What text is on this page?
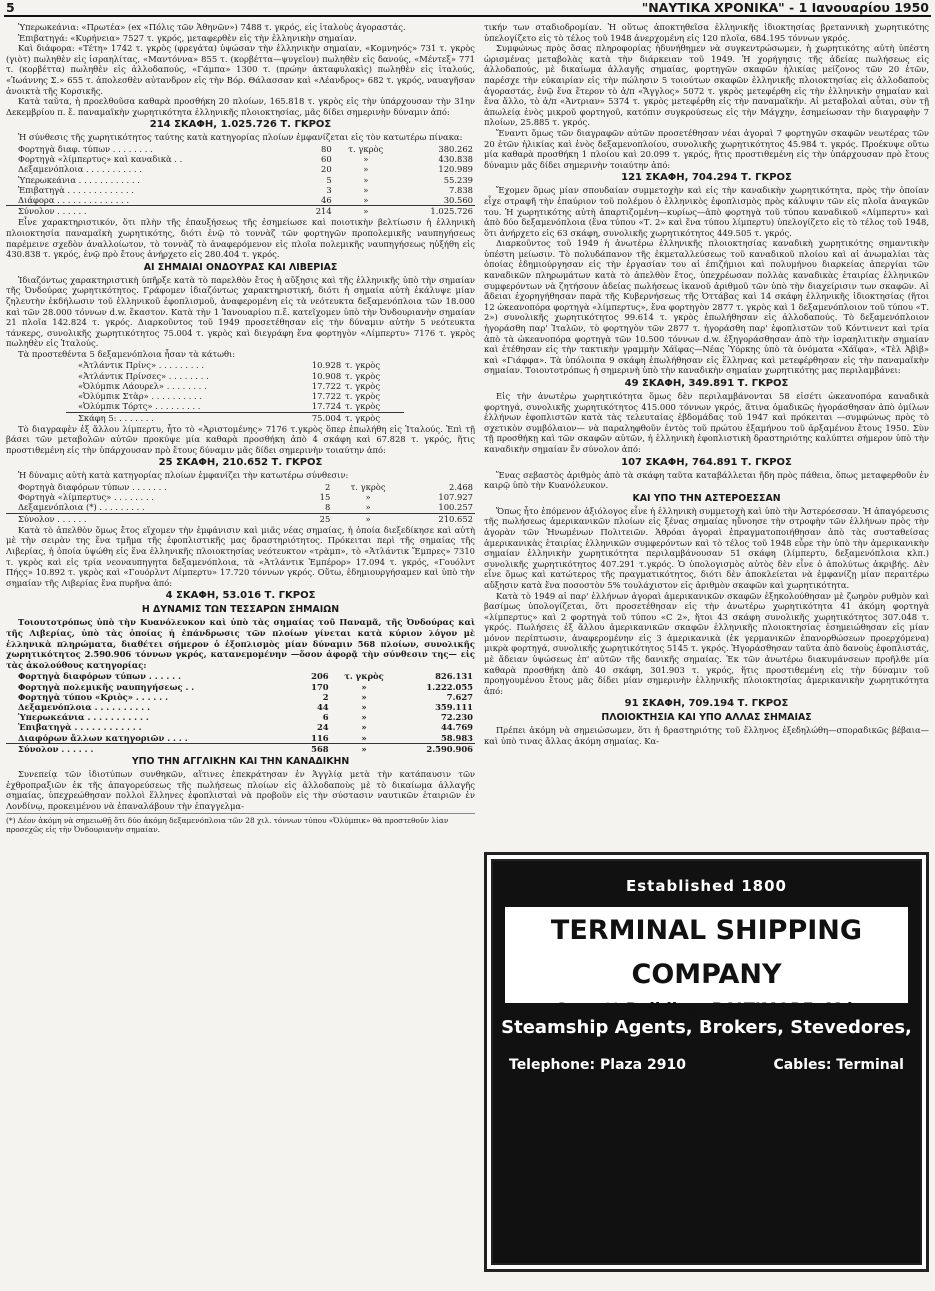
5	"ΝΑΥΤΙΚΑ ΧΡΟΝΙΚΑ" - 1 Ιανουαρίου 1950

Ὑπερωκεάνια: «Πρωτέα» (ex «Πόλις τῶν Ἀθηνῶν») 7488 τ. γκρός, εἰς ἰταλοὺς ἀγοραστάς.

Ἐπιβατηγά: «Κυρήνεια» 7527 τ. γκρός, μεταφερθὲν εἰς τὴν ἑλληνικὴν σημαίαν.

Καὶ διάφορα: «Τέτη» 1742 τ. γκρὸς (φρεγάτα) ὑψώσαν τὴν ἑλληνικὴν σημαίαν, «Κομνηνός» 731 τ. γκρὸς (γιὸτ) πωληθὲν εἰς ἰσραηλίτας, «Μαντόννα» 855 τ. (κορβέττα—ψυγεῖον) πωληθὲν εἰς δανούς, «Μέντεξ» 771 τ. (κορβέττα) πωληθὲν εἰς ἀλλοδαπούς, «Γάμπα» 1300 τ. (πρώην ἀκταφυλακὶς) πωληθὲν εἰς ἰταλούς, «Ἰωάννης Σ.» 655 τ. ἀπολεσθὲν αὐτανδρον εἰς τὴν Βόρ. Θάλασσαν καὶ «Λέανδρος» 682 τ. γκρός, ναυαγῆσαν ἀνοικτὰ τῆς Κορσικῆς.

Κατὰ ταῦτα, ἡ προελθοῦσα καθαρὰ προσθήκη 20 πλοίων, 165.818 τ. γκρὸς εἰς τὴν ὑπάρχουσαν τὴν 31ην Δεκεμβρίου π. ἔ. παναμαϊκὴν χωρητικότητα ἑλληνικῆς πλοιοκτησίας, μᾶς δίδει σημερινὴν δύναμιν ἀπό:

214 ΣΚΑΦΗ, 1.025.726 Τ. ΓΚΡΟΣ

Ἡ σύνθεσις τῆς χωρητικότητος ταύτης κατὰ κατηγορίας πλοίων ἐμφανίζεται εἰς τὸν κατωτέρω πίνακα:

Φορτηγὰ διαφ. τύπων . . . . . . . .	80	τ. γκρὸς	380.262
Φορτηγὰ «λίμπερτυς» καὶ καναδικὰ . .	60	»	430.838
Δεξαμενόπλοια . . . . . . . . . . .	20	»	120.989
Ὑπερωκεάνια . . . . . . . . . . . .	5	»	55.239
Ἐπιβατηγὰ . . . . . . . . . . . . .	3	»	7.838
Διάφορα . . . . . . . . . . . . . .	46	»	30.560
Σύνολον . . . . . .	214	»	1.025.726

Εἶνε χαρακτηριστικόν, ὅτι πλὴν τῆς ἐπαυξήσεως τῆς ἐσημείωσε καὶ ποιοτικὴν βελτίωσιν ἡ ἑλληνικὴ πλοιοκτησία παναμαϊκὴ χωρητικότης, διότι ἐνῷ τὸ τοννὰζ τῶν φορτηγῶν προπολεμικῆς ναυπηγήσεως παρέμεινε σχεδὸν ἀναλλοίωτον, τὸ τοννὰζ τὸ ἀναφερόμενον εἰς πλοῖα πολεμικῆς ναυπηγήσεως ηὐξήθη εἰς 430.838 τ. γκρός, ἐνῷ πρὸ ἔτους ἀνήρχετο εἰς 280.404 τ. γκρός.

ΑΙ ΣΗΜΑΙΑΙ ΟΝΔΟΥΡΑΣ ΚΑΙ ΛΙΒΕΡΙΑΣ

Ἰδιαζόντως χαρακτηριστικὴ ὑπῆρξε κατὰ τὸ παρελθὸν ἔτος ἡ αὔξησις καὶ τῆς ἑλληνικῆς ὑπὸ τὴν σημαίαν τῆς Ὀνδούρας χωρητικότητος. Γράφομεν ἰδιαζόντως χαρακτηριστική, διότι ἡ σημαία αὐτὴ ἐκάλυψε μίαν ζηλευτὴν ἐκδήλωσιν τοῦ ἑλληνικοῦ ἐφοπλισμοῦ, ἀναφερομένη εἰς τὰ νεότευκτα δεξαμενόπλοια τῶν 18.000 καὶ τῶν 28.000 τόννων d.w. ἕκαστον. Κατὰ τὴν 1 Ἰανουαρίου π.ἔ. κατεῖχομεν ὑπὸ τὴν Ὀνδουριανὴν σημαίαν 21 πλοῖα 142.824 τ. γκρός. Διαρκοῦντος τοῦ 1949 προσετέθησαν εἰς τὴν δύναμιν αὐτὴν 5 νεότευκτα τάνκερς, συνολικῆς χωρητικότητος 75.004 τ. γκρὸς καὶ διεγράφη ἕνα φορτηγὸν «Λίμπερτυ» 7176 τ. γκρὸς πωληθὲν εἰς Ἰταλούς.

Τὰ προστεθέντα 5 δεξαμενόπλοια ἦσαν τὰ κάτωθι:

«Ἀτλάντικ Πρίνς» . . . . . . . . .	10.928	τ. γκρὸς
«Ἀτλάντικ Πρίνσες» . . . . . . . .	10.908	τ. γκρὸς
«Ὀλύμπικ Λάουρελ» . . . . . . . .	17.722	τ. γκρὸς
«Ὀλύμπικ Στὰρ» . . . . . . . . . .	17.722	τ. γκρὸς
«Ὀλύμπικ Τόρτς» . . . . . . . . .	17.724	τ. γκρὸς
Σκάφη 5: . . . . . . .	75.004	τ. γκρὸς

Τὸ διαγραφὲν ἐξ ἄλλου λίμπερτυ, ἦτο τὸ «Ἀριστομένης» 7176 τ.γκρὸς ὅπερ ἐπωλήθη εἰς Ἰταλούς. Ἐπὶ τῇ βάσει τῶν μεταβολῶν αὐτῶν προκύψε μία καθαρὰ προσθήκη ἀπὸ 4 σκάφη καὶ 67.828 τ. γκρός, ἥτις προστιθεμένη εἰς τὴν ὑπάρχουσαν πρὸ ἔτους δύναμιν μᾶς δίδει σημερινὴν τοιαύτην ἀπό:

25 ΣΚΑΦΗ, 210.652 Τ. ΓΚΡΟΣ

Ἡ δύναμις αὐτὴ κατὰ κατηγορίας πλοίων ἐμφανίζει τὴν κατωτέρω σύνθεσιν:

Φορτηγὰ διαφόρων τύπων . . . . . . .	2	τ. γκρὸς	2.468
Φορτηγὰ «λίμπερτυς» . . . . . . . .	15	»	107.927
Δεξαμενόπλοια (*) . . . . . . . . .	8	»	100.257
Σύνολον . . . . . .	25	»	210.652

Κατὰ τὸ ἀπελθὸν ὅμως ἔτος εἴχομεν τὴν ἐμφάνισιν καὶ μιᾶς νέας σημαίας, ἡ ὁποία διεξεδίκησε καὶ αὐτὴ μὲ τὴν σειρὰν της ἕνα τμῆμα τῆς ἐφοπλιστικῆς μας δραστηριότητος. Πρόκειται περὶ τῆς σημαίας τῆς Λιβερίας, ἡ ὁποία ὑψώθη εἰς ἕνα ἑλληνικῆς πλοιοκτησίας νεότευκτον «τρὰμπ», τὸ «Ἀτλάντικ Ἔμπρες» 7310 τ. γκρὸς καὶ εἰς τρία νεοναυπηγητα δεξαμενόπλοια, τὰ «Ἀτλάντικ Ἐμπέρορ» 17.094 τ. γκρός, «Γουόλντ Πήςς» 10.892 τ. γκρὸς καὶ «Γουόρλντ Λίμπερτυ» 17.720 τόννων γκρός. Οὕτω, ἐδημιουργήσαμεν καὶ ὑπὸ τὴν σημαίαν τῆς Λιβερίας ἕνα πυρῆνα ἀπό:

4 ΣΚΑΦΗ, 53.016 Τ. ΓΚΡΟΣ
Η ΔΥΝΑΜΙΣ ΤΩΝ ΤΕΣΣΑΡΩΝ ΣΗΜΑΙΩΝ

Τοιουτοτρόπως ὑπὸ τὴν Κυανόλευκον καὶ ὑπὸ τὰς σημαίας τοῦ Παναμᾶ, τῆς Ὀνδούρας καὶ τῆς Λιβερίας, ὑπὸ τὰς ὁποίας ἡ ἐπάνδρωσις τῶν πλοίων γίνεται κατὰ κύριον λόγον μὲ ἑλληνικὰ πληρώματα, διαθέτει σήμερον ὁ ἐξοπλισμὸς μίαν δύναμιν 568 πλοίων, συνολικῆς χωρητικότητος 2.590.906 τόννων γκρός, κατανεμομένην —ὅσον ἀφορᾷ τὴν σύνθεσιν της— εἰς τὰς ἀκολούθους κατηγορίας:

Φορτηγὰ διαφόρων τύπων . . . . . .	206	τ. γκρὸς	826.131
Φορτηγὰ πολεμικῆς ναυπηγήσεως . .	170	»	1.222.055
Φορτηγὰ τύπου «Κριὸς» . . . . . .	2	»	7.627
Δεξαμενόπλοια . . . . . . . . . .	44	»	359.111
Ὑπερωκεάνια . . . . . . . . . . .	6	»	72.230
Ἐπιβατηγὰ . . . . . . . . . . . .	24	»	44.769
Διαφόρων ἄλλων κατηγοριῶν . . . .	116	»	58.983
Σύνολον . . . . . .	568	»	2.590.906
ΥΠΟ ΤΗΝ ΑΓΓΛΙΚΗΝ ΚΑΙ ΤΗΝ ΚΑΝΑΔΙΚΗΝ

Συνεπείᾳ τῶν ἰδιοτύπων συνθηκῶν, αἵτινες ἐπεκράτησαν ἐν Ἀγγλίᾳ μετὰ τὴν κατάπαυσιν τῶν ἐχθροπραξιῶν ἐκ τῆς ἀπαγορεύσεως τῆς πωλήσεως πλοίων εἰς ἀλλοδαποὺς μὲ τὸ δικαίωμα ἀλλαγῆς σημαίας, ὑπεχρεώθησαν πολλοὶ ἕλληνες ἐφοπλισταὶ νὰ προβοῦν εἰς τὴν σύστασιν ναυτικῶν ἑταιριῶν ἐν Λονδίνῳ, προκειμένου νὰ ἐπαναλάβουν τὴν ἐπαγγελμα-

(*) Δέον ἀκόμη νὰ σημειωθῇ ὅτι δύο ἀκόμη δεξαμενόπλοια τῶν 28 χιλ. τόννων τύπου «Ὀλύμπικ» θὰ προστεθοῦν λίαν προσεχῶς εἰς τὴν Ὀνδουριανὴν σημαίαν.

τικήν των σταδιοδρομίαν. Ἡ οὕτως ἀποκτηθεῖσα ἑλληνικῆς ἰδιοκτησίας βρεταννικὴ χωρητικότης ὑπελογίζετο εἰς τὸ τέλος τοῦ 1948 ἀνερχομένη εἰς 120 πλοῖα, 684.195 τόννων γκρός.

Συμφώνως πρὸς ὅσας πληροφορίας ἠδυνήθημεν νὰ συγκεντρώσωμεν, ἡ χωρητικότης αὐτὴ ὑπέστη ὡρισμένας μεταβολὰς κατὰ τὴν διάρκειαν τοῦ 1949. Ἡ χορήγησις τῆς ἀδείας πωλήσεως εἰς ἀλλοδαπούς, μὲ δικαίωμα ἀλλαγῆς σημαίας, φορτηγῶν σκαφῶν ἡλικίας μείζονος τῶν 20 ἐτῶν, παρέσχε τὴν εὐκαιρίαν εἰς τὴν πώλησιν 5 τοιούτων σκαφῶν ἑλληνικῆς πλοιοκτησίας εἰς ἀλλοδαποὺς ἀγοραστάς, ἐνῷ ἕνα ἕτερον τὸ ἀ/π «Ἄγγλος» 5072 τ. γκρὸς μετεφέρθη εἰς τὴν ἑλληνικὴν σημαίαν καὶ ἕνα ἄλλο, τὸ ἀ/π «Ἀντριαν» 5374 τ. γκρὸς μετεφέρθη εἰς τὴν παναμαϊκήν. Αἱ μεταβολαὶ αὗται, σὺν τῇ ἀπωλείᾳ ἑνὸς μικροῦ φορτηγοῦ, κατόπιν συγκρούσεως εἰς τὴν Μάγχην, ἐσημείωσαν τὴν διαγραφὴν 7 πλοίων, 25.885 τ. γκρός.

Ἔναντι ὅμως τῶν διαγραφῶν αὐτῶν προσετέθησαν νέαι ἀγοραὶ 7 φορτηγῶν σκαφῶν νεωτέρας τῶν 20 ἐτῶν ἡλικίας καὶ ἑνὸς δεξαμενοπλοίου, συνολικῆς χωρητικότητος 45.984 τ. γκρός. Προέκυψε οὕτω μία καθαρὰ προσθήκη 1 πλοίου καὶ 20.099 τ. γκρός, ἥτις προστιθεμένη εἰς τὴν ὑπάρχουσαν πρὸ ἔτους δύναμιν μᾶς δίδει σημερινὴν τοιαύτην ἀπό:

121 ΣΚΑΦΗ, 704.294 Τ. ΓΚΡΟΣ

Ἔχομεν ὅμως μίαν σπουδαίαν συμμετοχὴν καὶ εἰς τὴν καναδικὴν χωρητικότητα, πρὸς τὴν ὁποίαν εἶχε στραφῆ τὴν ἐπαύριον τοῦ πολέμου ὁ ἑλληνικὸς ἐφοπλισμὸς πρὸς κάλυψιν τῶν εἰς πλοῖα ἀναγκῶν του. Ἡ χωρητικότης αὐτὴ ἀπαρτιζομένη—κυρίως—ἀπὸ φορτηγὰ τοῦ τύπου καναδικοῦ «Λίμπερτυ» καὶ ἀπὸ δύο δεξαμενόπλοια (ἕνα τύπου «Τ. 2» καὶ ἕνα τύπου λίμπερτυ) ὑπελογίζετο εἰς τὸ τέλος τοῦ 1948, ὅτι ἀνήρχετο εἰς 63 σκάφη, συνολικῆς χωρητικότητος 449.505 τ. γκρός.

Διαρκοῦντος τοῦ 1949 ἡ ἀνωτέρω ἑλληνικῆς πλοιοκτησίας καναδικὴ χωρητικότης σημαντικὴν ὑπέστη μείωσιν. Τὸ πολυδάπανον τῆς ἐκμεταλλεύσεως τοῦ καναδικοῦ πλοίου καὶ αἱ ἀνωμαλίαι τὰς ὁποίας ἐδημιούργησαν εἰς τὴν ἐργασίαν του αἱ ἐπιζήμιοι καὶ πολυμήνου διαρκείας ἀπεργίαι τῶν καναδικῶν πληρωμάτων κατὰ τὸ ἀπελθὸν ἔτος, ὑπεχρέωσαν πολλὰς καναδικὰς ἑταιρίας ἑλληνικῶν συμφερόντων νὰ ζητήσουν ἀδείας πωλήσεως ἱκανοῦ ἀριθμοῦ τῶν ὑπὸ τὴν διαχείρισιν των σκαφῶν. Αἱ ἄδειαι ἐχορηγήθησαν παρὰ τῆς Κυβερνήσεως τῆς Ὀττάβας καὶ 14 σκάφη ἑλληνικῆς ἰδιοκτησίας (ἤτοι 12 ὠκεανοπόρα φορτηγὰ «λίμπερτυς», ἕνα φορτηγὸν 2877 τ. γκρὸς καὶ 1 δεξαμενόπλοιον τοῦ τύπου «Τ. 2») συνολικῆς χωρητικότητος 99.614 τ. γκρὸς ἐπωλήθησαν εἰς ἀλλοδαπούς. Τὸ δεξαμενόπλοιον ἠγοράσθη παρ' Ἰταλῶν, τὸ φορτηγὸν τῶν 2877 τ. ἠγοράσθη παρ' ἐφοπλιστῶν τοῦ Κόντινεντ καὶ τρία ἀπὸ τὰ ὠκεανοπόρα φορτηγὰ τῶν 10.500 τόννων d.w. ἐξηγοράσθησαν ἀπὸ τὴν ἰσραηλιτικὴν σημαίαν καὶ ἐτέθησαν εἰς τὴν τακτικὴν γραμμὴν Χάϊφας—Νέας Ὑόρκης ὑπὸ τὰ ὀνόματα «Χάϊφα», «Τὲλ Ἀβὶβ» καὶ «Γιάφφα». Τὰ ὑπόλοιπα 9 σκάφη ἐπωλήθησαν εἰς ἕλληνας καὶ μετεφέρθησαν εἰς τὴν παναμαϊκὴν σημαίαν. Τοιουτοτρόπως ἡ σημερινὴ ὑπὸ τὴν καναδικὴν σημαίαν χωρητικότης μας περιλαμβάνει:

49 ΣΚΑΦΗ, 349.891 Τ. ΓΚΡΟΣ

Εἰς τὴν ἀνωτέρω χωρητικότητα ὅμως δὲν περιλαμβάνονται 58 εἰσέτι ὠκεανοπόρα καναδικὰ φορτηγά, συνολικῆς χωρητικότητος 415.000 τόννων γκρός, ἅτινα ὁμαδικῶς ἠγοράσθησαν ἀπὸ ὁμίλων ἑλλήνων ἐφοπλιστῶν κατὰ τὰς τελευταίας ἑβδομάδας τοῦ 1947 καὶ πρόκειται —συμφώνως πρὸς τὸ σχετικὸν συμβόλαιον— νὰ παραληφθοῦν ἐντὸς τοῦ πρώτου ἑξαμήνου τοῦ ἀρξαμένου ἔτους 1950. Σὺν τῇ προσθήκῃ καὶ τῶν σκαφῶν αὐτῶν, ἡ ἑλληνικὴ ἐφοπλιστικὴ δραστηριότης καλύπτει σήμερον ὑπὸ τὴν καναδικὴν σημαίαν ἕν σύνολον ἀπό:

107 ΣΚΑΦΗ, 764.891 Τ. ΓΚΡΟΣ

Ἕνας σεβαστὸς ἀριθμὸς ἀπὸ τὰ σκάφη ταῦτα καταβάλλεται ἤδη πρὸς πάθεια, ὅπως μεταφερθοῦν ἐν καιρῷ ὑπὸ τὴν Κυανόλευκον.

ΚΑΙ ΥΠΟ ΤΗΝ ΑΣΤΕΡΟΕΣΣΑΝ

Ὅπως ἦτο ἑπόμενον ἀξιόλογος εἶνε ἡ ἑλληνικὴ συμμετοχὴ καὶ ὑπὸ τὴν Ἀστερόεσσαν. Ἡ ἀπαγόρευσις τῆς πωλήσεως ἀμερικανικῶν πλοίων εἰς ξένας σημαίας ηὔνοησε τὴν στροφὴν τῶν ἑλλήνων πρὸς τὴν ἀγορὰν τῶν Ἡνωμένων Πολιτειῶν. Ἁθρόαι ἀγοραὶ ἐπραγματοποιήθησαν ἀπὸ τὰς συσταθείσας ἀμερικανικὰς ἑταιρίας ἑλληνικῶν συμφερόντων καὶ τὸ τέλος τοῦ 1948 εὗρε τὴν ὑπὸ τὴν ἀμερικανικὴν σημαίαν ἑλληνικὴν χωρητικότητα περιλαμβάνουσαν 51 σκάφη (λίμπερτυ, δεξαμενόπλοια κλπ.) συνολικῆς χωρητικότητος 407.291 τ.γκρός. Ὁ ὑπολογισμὸς αὐτὸς δὲν εἶνε ὁ ἀπολύτως ἀκριβής. Δὲν εἶνε ὅμως καὶ κατώτερος τῆς πραγματικότητος, διότι δὲν ἀποκλείεται νὰ ἐμφανίζῃ μίαν περαιτέρω αὔξησιν κατὰ ἕνα ποσοστὸν 5% τουλάχιστον εἰς ἀριθμὸν σκαφῶν καὶ χωρητικότητα.

Κατὰ τὸ 1949 αἱ παρ' ἑλλήνων ἀγοραὶ ἀμερικανικῶν σκαφῶν ἐξηκολούθησαν μὲ ζωηρὸν ρυθμὸν καὶ βασίμως ὑπολογίζεται, ὅτι προσετέθησαν εἰς τὴν ἀνωτέρω χωρητικότητα 41 ἀκόμη φορτηγὰ «λίμπερτυς» καὶ 2 φορτηγὰ τοῦ τύπου «C 2», ἤτοι 43 σκάφη συνολικῆς χωρητικότητος 307.048 τ. γκρός. Πωλήσεις ἐξ ἄλλου ἀμερικανικῶν σκαφῶν ἑλληνικῆς πλοιοκτησίας ἐσημειώθησαν εἰς μίαν μόνον περίπτωσιν, ἀναφερομένην εἰς 3 ἀμερικανικὰ (ἐκ γερμανικῶν ἐπανορθώσεων προερχόμενα) μικρὰ φορτηγά, συνολικῆς χωρητικότητος 5145 τ. γκρός. Ἠγοράσθησαν ταῦτα ἀπὸ δανοὺς ἐφοπλιστάς, μὲ ἄδειαν ὑψώσεως ἐπ' αὐτῶν τῆς δανικῆς σημαίας. Ἐκ τῶν ἀνωτέρω διακυμάνσεων προῆλθε μία καθαρὰ προσθήκη ἀπὸ 40 σκάφη, 301.903 τ. γκρός, ἥτις προστιθεμένη εἰς τὴν δύναμιν τοῦ προηγουμένου ἔτους μᾶς δίδει μίαν σημερινὴν ἑλληνικῆς πλοιοκτησίας ἀμερικανικὴν χωρητικότητα ἀπό:

91 ΣΚΑΦΗ, 709.194 Τ. ΓΚΡΟΣ
ΠΛΟΙΟΚΤΗΣΙΑ ΚΑΙ ΥΠΟ ΑΛΛΑΣ ΣΗΜΑΙΑΣ

Πρέπει ἀκόμη νὰ σημειώσωμεν, ὅτι ἡ δραστηριότης τοῦ ἕλληνος ἐξεδηλώθη—σποραδικῶς βέβαια—καὶ ὑπὸ τινας ἄλλας ἀκόμη σημαίας. Κα-

Established 1800
TERMINAL SHIPPING COMPANY
Garrett Building, BALTIMORE, Md.
Steamship Agents, Brokers, Stevedores,
Telephone: Plaza 2910	Cables: Terminal
